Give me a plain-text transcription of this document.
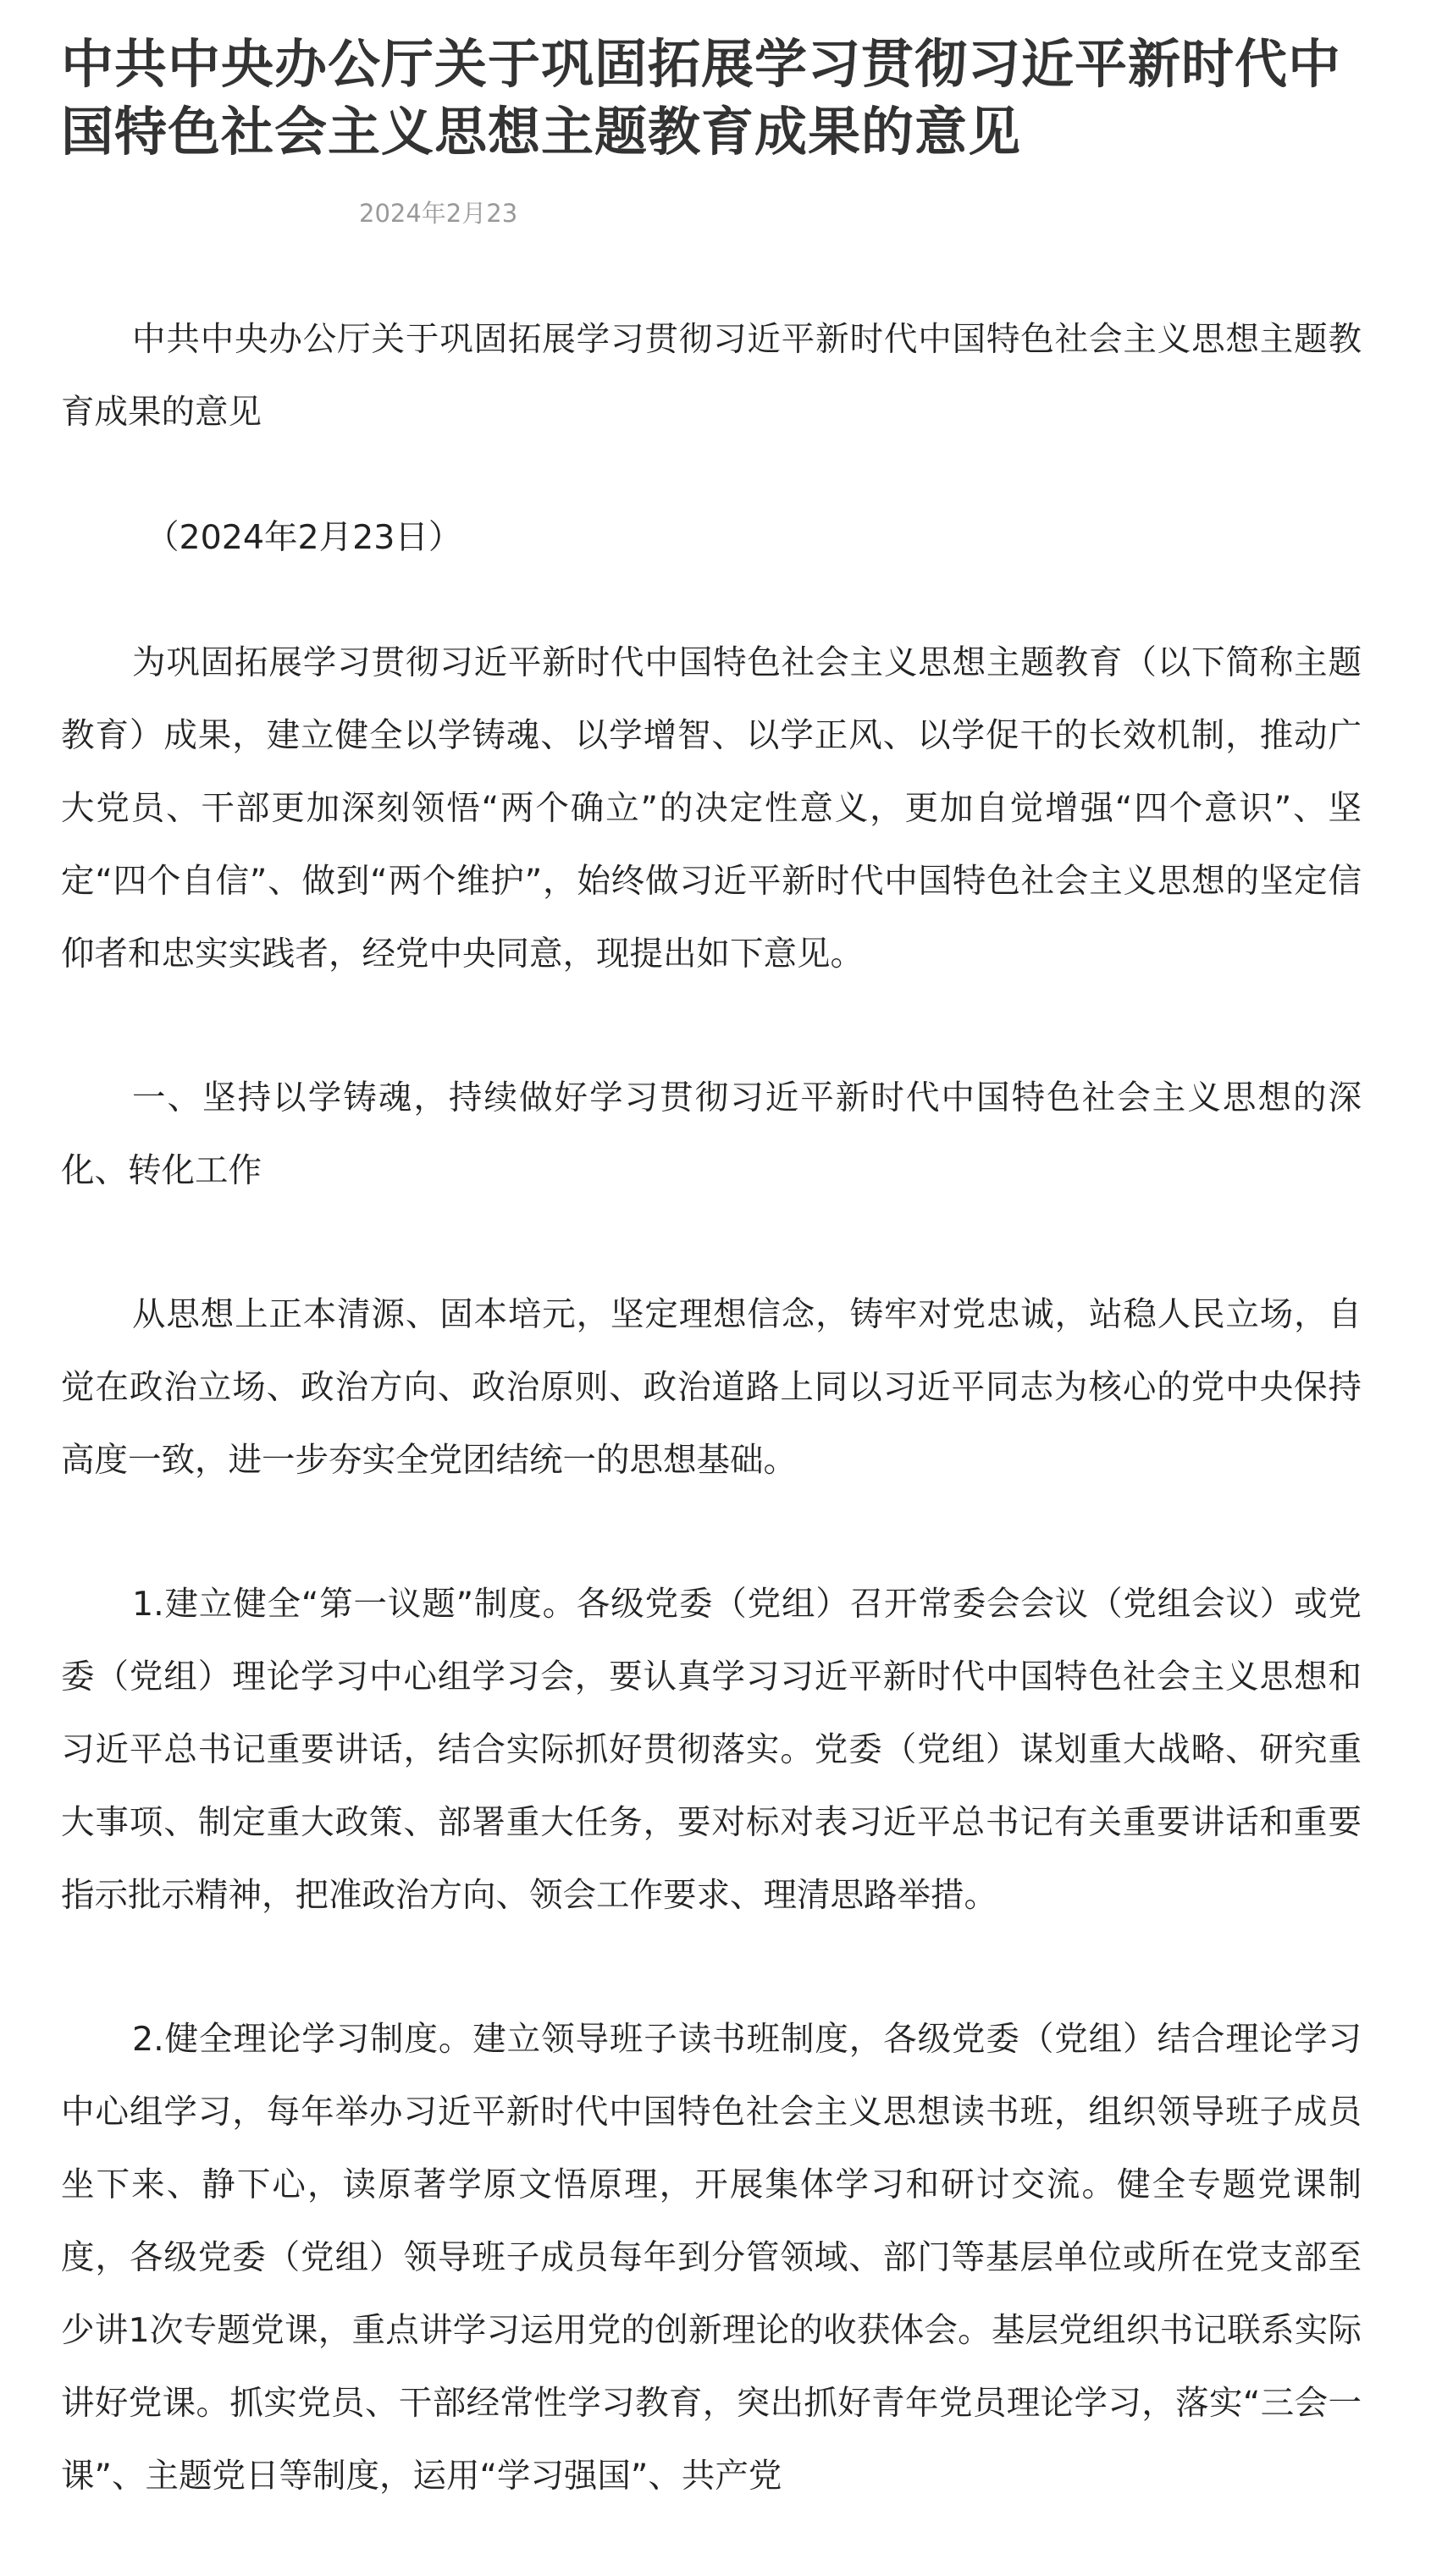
中共中央办公厅关于巩固拓展学习贯彻习近平新时代中国特色社会主义思想主题教育成果的意见
2024年2月23

中共中央办公厅关于巩固拓展学习贯彻习近平新时代中国特色社会主义思想主题教育成果的意见

（2024年2月23日）

为巩固拓展学习贯彻习近平新时代中国特色社会主义思想主题教育（以下简称主题教育）成果，建立健全以学铸魂、以学增智、以学正风、以学促干的长效机制，推动广大党员、干部更加深刻领悟“两个确立”的决定性意义，更加自觉增强“四个意识”、坚定“四个自信”、做到“两个维护”，始终做习近平新时代中国特色社会主义思想的坚定信仰者和忠实实践者，经党中央同意，现提出如下意见。

一、坚持以学铸魂，持续做好学习贯彻习近平新时代中国特色社会主义思想的深化、转化工作

从思想上正本清源、固本培元，坚定理想信念，铸牢对党忠诚，站稳人民立场，自觉在政治立场、政治方向、政治原则、政治道路上同以习近平同志为核心的党中央保持高度一致，进一步夯实全党团结统一的思想基础。

1.建立健全“第一议题”制度。各级党委（党组）召开常委会会议（党组会议）或党委（党组）理论学习中心组学习会，要认真学习习近平新时代中国特色社会主义思想和习近平总书记重要讲话，结合实际抓好贯彻落实。党委（党组）谋划重大战略、研究重大事项、制定重大政策、部署重大任务，要对标对表习近平总书记有关重要讲话和重要指示批示精神，把准政治方向、领会工作要求、理清思路举措。

2.健全理论学习制度。建立领导班子读书班制度，各级党委（党组）结合理论学习中心组学习，每年举办习近平新时代中国特色社会主义思想读书班，组织领导班子成员坐下来、静下心，读原著学原文悟原理，开展集体学习和研讨交流。健全专题党课制度，各级党委（党组）领导班子成员每年到分管领域、部门等基层单位或所在党支部至少讲1次专题党课，重点讲学习运用党的创新理论的收获体会。基层党组织书记联系实际讲好党课。抓实党员、干部经常性学习教育，突出抓好青年党员理论学习，落实“三会一课”、主题党日等制度，运用“学习强国”、共产党
